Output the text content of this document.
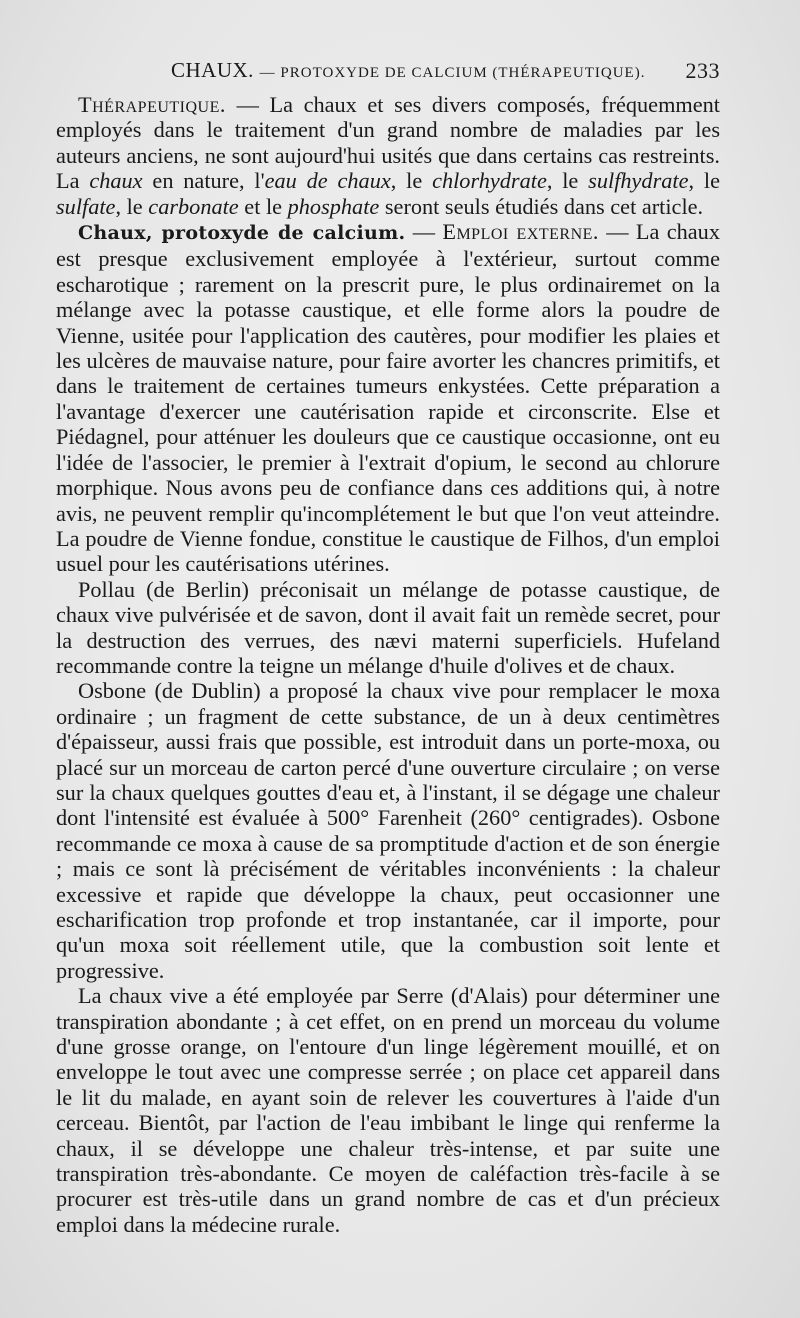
CHAUX. — PROTOXYDE DE CALCIUM (THÉRAPEUTIQUE). 233

Thérapeutique. — La chaux et ses divers composés, fréquemment employés dans le traitement d'un grand nombre de maladies par les auteurs anciens, ne sont aujourd'hui usités que dans certains cas restreints. La chaux en nature, l'eau de chaux, le chlorhydrate, le sulfhydrate, le sulfate, le carbonate et le phosphate seront seuls étudiés dans cet article.

Chaux, protoxyde de calcium. — Emploi externe. — La chaux est presque exclusivement employée à l'extérieur, surtout comme escharotique ; rarement on la prescrit pure, le plus ordinairemet on la mélange avec la potasse caustique, et elle forme alors la poudre de Vienne, usitée pour l'application des cautères, pour modifier les plaies et les ulcères de mauvaise nature, pour faire avorter les chancres primitifs, et dans le traitement de certaines tumeurs enkystées. Cette préparation a l'avantage d'exercer une cautérisation rapide et circonscrite. Else et Piédagnel, pour atténuer les douleurs que ce caustique occasionne, ont eu l'idée de l'associer, le premier à l'extrait d'opium, le second au chlorure morphique. Nous avons peu de confiance dans ces additions qui, à notre avis, ne peuvent remplir qu'incomplétement le but que l'on veut atteindre. La poudre de Vienne fondue, constitue le caustique de Filhos, d'un emploi usuel pour les cautérisations utérines.

Pollau (de Berlin) préconisait un mélange de potasse caustique, de chaux vive pulvérisée et de savon, dont il avait fait un remède secret, pour la destruction des verrues, des nævi materni superficiels. Hufeland recommande contre la teigne un mélange d'huile d'olives et de chaux.

Osbone (de Dublin) a proposé la chaux vive pour remplacer le moxa ordinaire ; un fragment de cette substance, de un à deux centimètres d'épaisseur, aussi frais que possible, est introduit dans un porte-moxa, ou placé sur un morceau de carton percé d'une ouverture circulaire ; on verse sur la chaux quelques gouttes d'eau et, à l'instant, il se dégage une chaleur dont l'intensité est évaluée à 500° Farenheit (260° centigrades). Osbone recommande ce moxa à cause de sa promptitude d'action et de son énergie ; mais ce sont là précisément de véritables inconvénients : la chaleur excessive et rapide que développe la chaux, peut occasionner une escharification trop profonde et trop instantanée, car il importe, pour qu'un moxa soit réellement utile, que la combustion soit lente et progressive.

La chaux vive a été employée par Serre (d'Alais) pour déterminer une transpiration abondante ; à cet effet, on en prend un morceau du volume d'une grosse orange, on l'entoure d'un linge légèrement mouillé, et on enveloppe le tout avec une compresse serrée ; on place cet appareil dans le lit du malade, en ayant soin de relever les couvertures à l'aide d'un cerceau. Bientôt, par l'action de l'eau imbibant le linge qui renferme la chaux, il se développe une chaleur très-intense, et par suite une transpiration très-abondante. Ce moyen de caléfaction très-facile à se procurer est très-utile dans un grand nombre de cas et d'un précieux emploi dans la médecine rurale.
